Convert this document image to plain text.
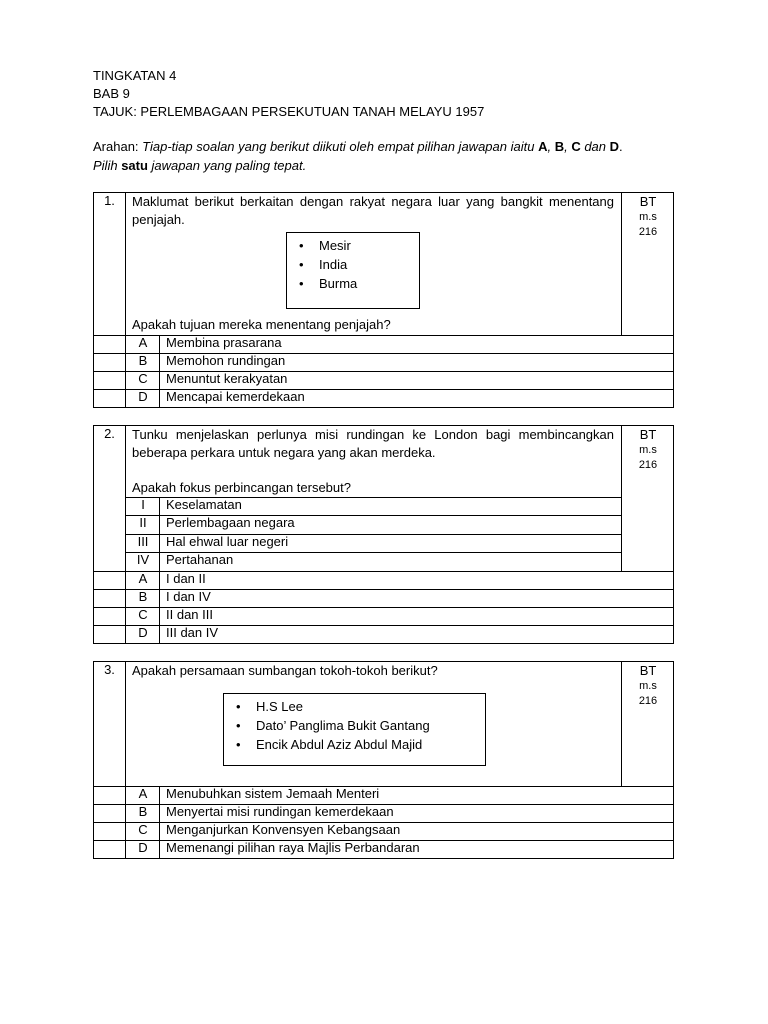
TINGKATAN 4
BAB 9
TAJUK: PERLEMBAGAAN PERSEKUTUAN TANAH MELAYU 1957
Arahan: Tiap-tiap soalan yang berikut diikuti oleh empat pilihan jawapan iaitu A, B, C dan D.
Pilih satu jawapan yang paling tepat.
1.	Maklumat berikut berkaitan dengan rakyat negara luar yang bangkit menentang penjajah.
• Mesir
• India
• Burma
Apakah tujuan mereka menentang penjajah?
BT
m.s
216
A	Membina prasarana
B	Memohon rundingan
C	Menuntut kerakyatan
D	Mencapai kemerdekaan
2.	Tunku menjelaskan perlunya misi rundingan ke London bagi membincangkan beberapa perkara untuk negara yang akan merdeka.
Apakah fokus perbincangan tersebut?
BT
m.s
216
I	Keselamatan
II	Perlembagaan negara
III	Hal ehwal luar negeri
IV	Pertahanan
A	I dan II
B	I dan IV
C	II dan III
D	III dan IV
3.	Apakah persamaan sumbangan tokoh-tokoh berikut?
• H.S Lee
• Dato’ Panglima Bukit Gantang
• Encik Abdul Aziz Abdul Majid
BT
m.s
216
A	Menubuhkan sistem Jemaah Menteri
B	Menyertai misi rundingan kemerdekaan
C	Menganjurkan Konvensyen Kebangsaan
D	Memenangi pilihan raya Majlis Perbandaran
